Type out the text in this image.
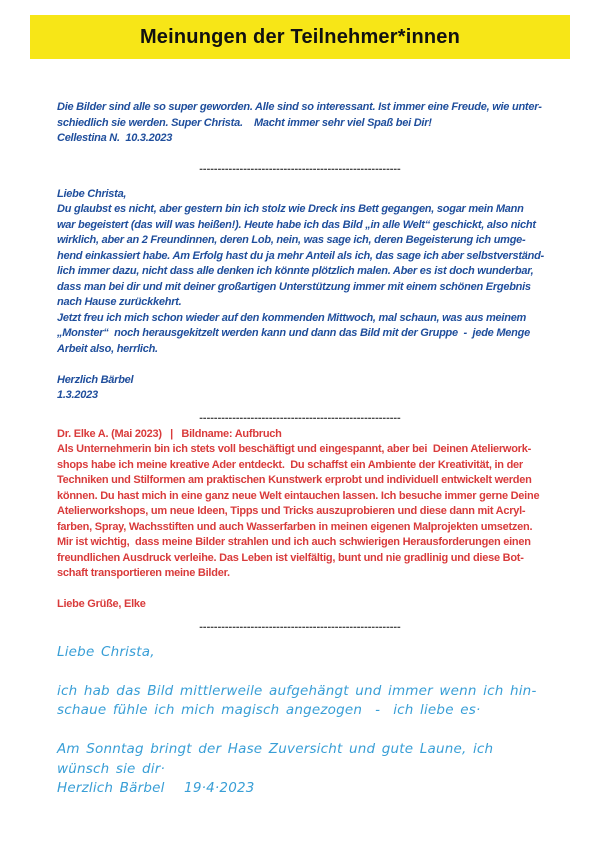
Meinungen der Teilnehmer*innen
Die Bilder sind alle so super geworden. Alle sind so interessant. Ist immer eine Freude, wie unter-
schiedlich sie werden. Super Christa.    Macht immer sehr viel Spaß bei Dir!
Cellestina N.  10.3.2023
-------------------------------------------------------
Liebe Christa,
Du glaubst es nicht, aber gestern bin ich stolz wie Dreck ins Bett gegangen, sogar mein Mann
war begeistert (das will was heißen!). Heute habe ich das Bild „in alle Welt“ geschickt, also nicht
wirklich, aber an 2 Freundinnen, deren Lob, nein, was sage ich, deren Begeisterung ich umge-
hend einkassiert habe. Am Erfolg hast du ja mehr Anteil als ich, das sage ich aber selbstverständ-
lich immer dazu, nicht dass alle denken ich könnte plötzlich malen. Aber es ist doch wunderbar,
dass man bei dir und mit deiner großartigen Unterstützung immer mit einem schönen Ergebnis
nach Hause zurückkehrt.
Jetzt freu ich mich schon wieder auf den kommenden Mittwoch, mal schaun, was aus meinem
„Monster“  noch herausgekitzelt werden kann und dann das Bild mit der Gruppe  -  jede Menge
Arbeit also, herrlich.
Herzlich Bärbel
1.3.2023
-------------------------------------------------------
Dr. Elke A. (Mai 2023)   |   Bildname: Aufbruch
Als Unternehmerin bin ich stets voll beschäftigt und eingespannt, aber bei  Deinen Atelierwork-
shops habe ich meine kreative Ader entdeckt.  Du schaffst ein Ambiente der Kreativität, in der
Techniken und Stilformen am praktischen Kunstwerk erprobt und individuell entwickelt werden
können. Du hast mich in eine ganz neue Welt eintauchen lassen. Ich besuche immer gerne Deine
Atelierworkshops, um neue Ideen, Tipps und Tricks auszuprobieren und diese dann mit Acryl-
farben, Spray, Wachsstiften und auch Wasserfarben in meinen eigenen Malprojekten umsetzen.
Mir ist wichtig,  dass meine Bilder strahlen und ich auch schwierigen Herausforderungen einen
freundlichen Ausdruck verleihe. Das Leben ist vielfältig, bunt und nie gradlinig und diese Bot-
schaft transportieren meine Bilder.
Liebe Grüße, Elke
-------------------------------------------------------
Liebe Christa,
ich hab das Bild mittlerweile aufgehängt und immer wenn ich hin-
schaue fühle ich mich magisch angezogen  -  ich liebe es·
Am Sonntag bringt der Hase Zuversicht und gute Laune, ich
wünsch sie dir·
Herzlich Bärbel   19·4·2023
